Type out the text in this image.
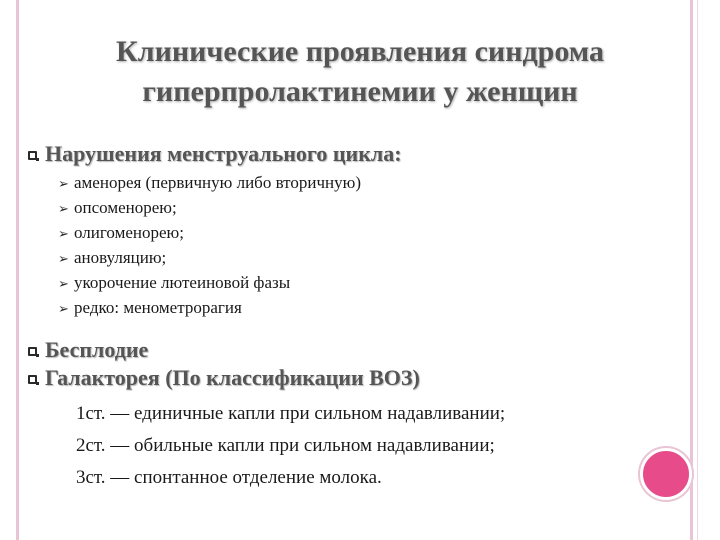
Клинические проявления синдрома
гиперпролактинемии у женщин
Нарушения менструального цикла:
➢ аменорея (первичную либо вторичную)
➢ опсоменорею;
➢ олигоменорею;
➢ ановуляцию;
➢ укорочение лютеиновой фазы
➢ редко: менометрорагия
Бесплодие
Галакторея (По классификации ВОЗ)
1ст. — единичные капли при сильном надавливании;
2ст. — обильные капли при сильном надавливании;
3ст. — спонтанное отделение молока.
